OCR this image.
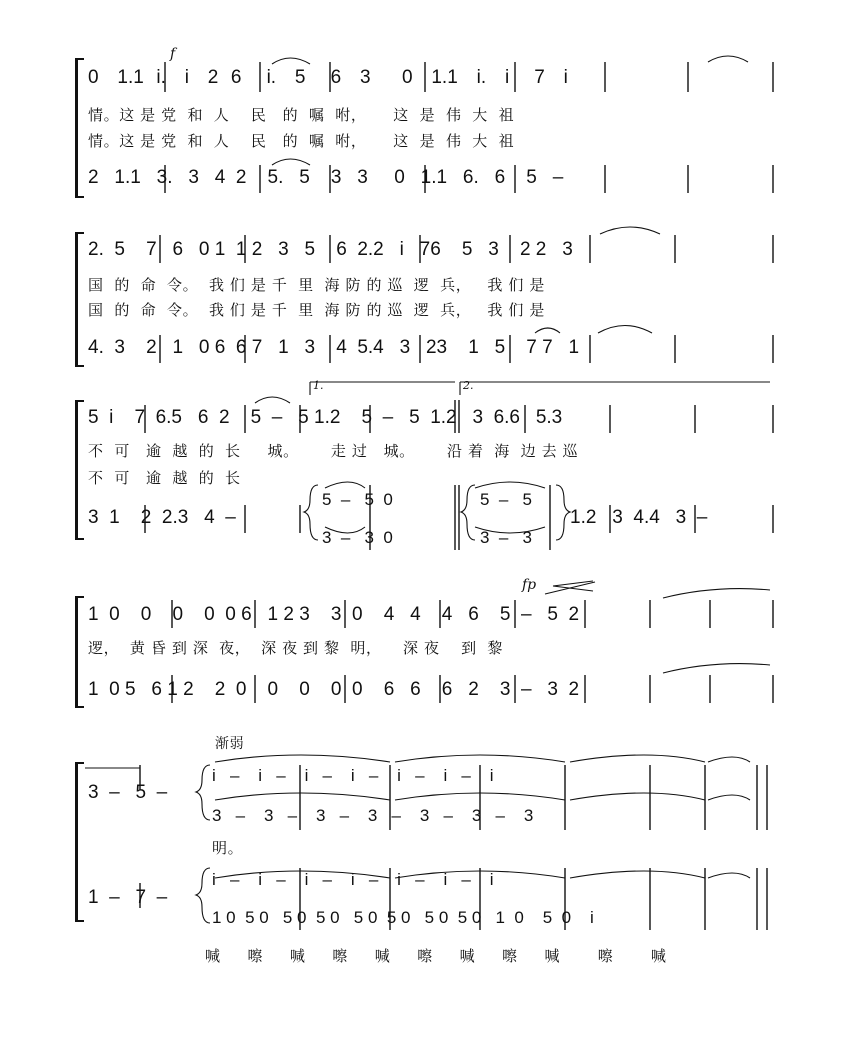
f
fp
渐弱
1.	2.
0   1.1  i.   i   2  6    i.   5    6   3     0   1.1   i.   i    7   i
情。这 是 党  和  人    民   的  嘱  咐，     这  是  伟  大  祖
情。这 是 党  和  人    民   的  嘱  咐，     这  是  伟  大  祖
2   1.1   3.   3   4  2    5.   5    3   3     0   1.1   6.   6    5   –
2.  5    7   6   0 1  1 2   3   5    6  2.2   i   76    5   3    2 2   3
国  的  命  令。  我 们 是 千  里  海 防 的 巡  逻  兵，   我 们 是
国  的  命  令。  我 们 是 千  里  海 防 的 巡  逻  兵，   我 们 是
4.  3    2   1   0 6  6 7   1   3    4  5.4   3   23    1   5    7 7   1
5  i    7  6.5   6  2    5  –   5 1.2    5  –   5  1.2   3  6.6   5.3
不  可   逾  越  的  长     城。      走 过   城。      沿 着  海  边 去 巡
不  可   逾  越  的  长
3  1    2  2.3   4  –
5  –   5  0
3  –   3  0
5  –   5
3  –   3
1.2   3  4.4   3  –
1  0    0    0    0  0 6   1 2 3    3  0    4   4    4   6    5  –   5  2
逻，  黄 昏 到 深  夜，  深 夜 到 黎  明，    深 夜    到  黎
1  0 5   6 1 2    2  0    0    0    0  0    6   6    6   2    3  –   3  2
3  –   5  –
i   –    i   –    i   –    i   –    i   –    i   –    i
3   –    3   –    3   –    3   –    3   –    3   –    3
明。
1  –   7  –
i   –    i   –    i   –    i   –    i   –    i   –    i
1 0  5 0   5 0  5 0   5 0  5 0   5 0  5 0   1  0    5  0    i
喊     嚓     喊     嚓     喊     嚓     喊     嚓     喊       嚓       喊
